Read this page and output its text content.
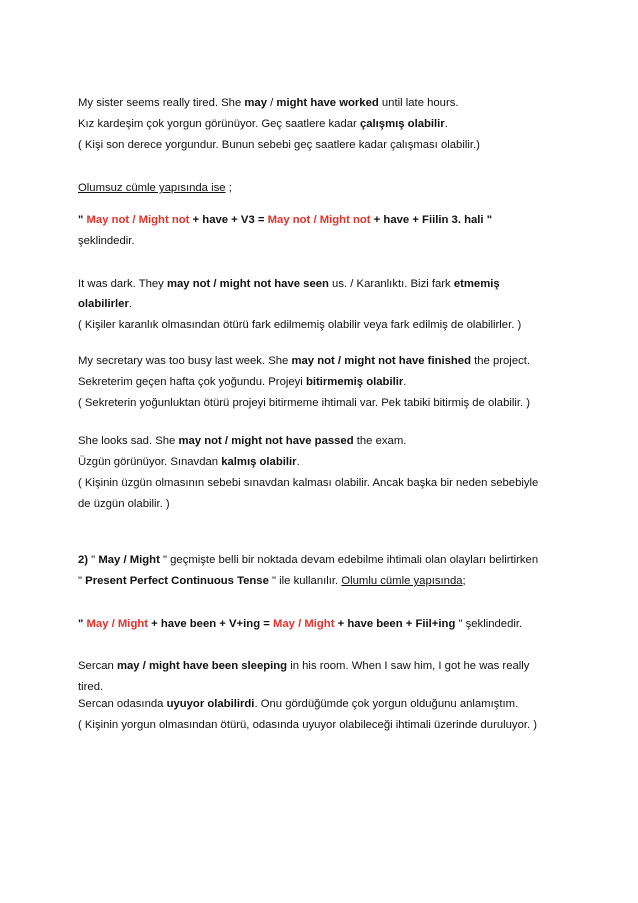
My sister seems really tired. She may / might have worked until late hours.
Kız kardeşim çok yorgun görünüyor. Geç saatlere kadar çalışmış olabilir.
( Kişi son derece yorgundur. Bunun sebebi geç saatlere kadar çalışması olabilir.)
Olumsuz cümle yapısında ise ;
" May not / Might not + have + V3 = May not / Might not + have + Fiilin 3. hali "
şeklindedir.
It was dark. They may not / might not have seen us. / Karanlıktı. Bizi fark etmemiş
olabilirler.
( Kişiler karanlık olmasından ötürü fark edilmemiş olabilir veya fark edilmiş de olabilirler. )
My secretary was too busy last week. She may not / might not have finished the project.
Sekreterim geçen hafta çok yoğundu. Projeyi bitirmemiş olabilir.
( Sekreterin yoğunluktan ötürü projeyi bitirmeme ihtimali var. Pek tabiki bitirmiş de olabilir. )
She looks sad. She may not / might not have passed the exam.
Üzgün görünüyor. Sınavdan kalmış olabilir.
( Kişinin üzgün olmasının sebebi sınavdan kalması olabilir. Ancak başka bir neden sebebiyle
de üzgün olabilir. )
2) " May / Might " geçmişte belli bir noktada devam edebilme ihtimali olan olayları belirtirken
" Present Perfect Continuous Tense " ile kullanılır. Olumlu cümle yapısında;
" May / Might + have been + V+ing = May / Might + have been + Fiil+ing " şeklindedir.
Sercan may / might have been sleeping in his room. When I saw him, I got he was really
tired.
Sercan odasında uyuyor olabilirdi. Onu gördüğümde çok yorgun olduğunu anlamıştım.
( Kişinin yorgun olmasından ötürü, odasında uyuyor olabileceği ihtimali üzerinde duruluyor. )
